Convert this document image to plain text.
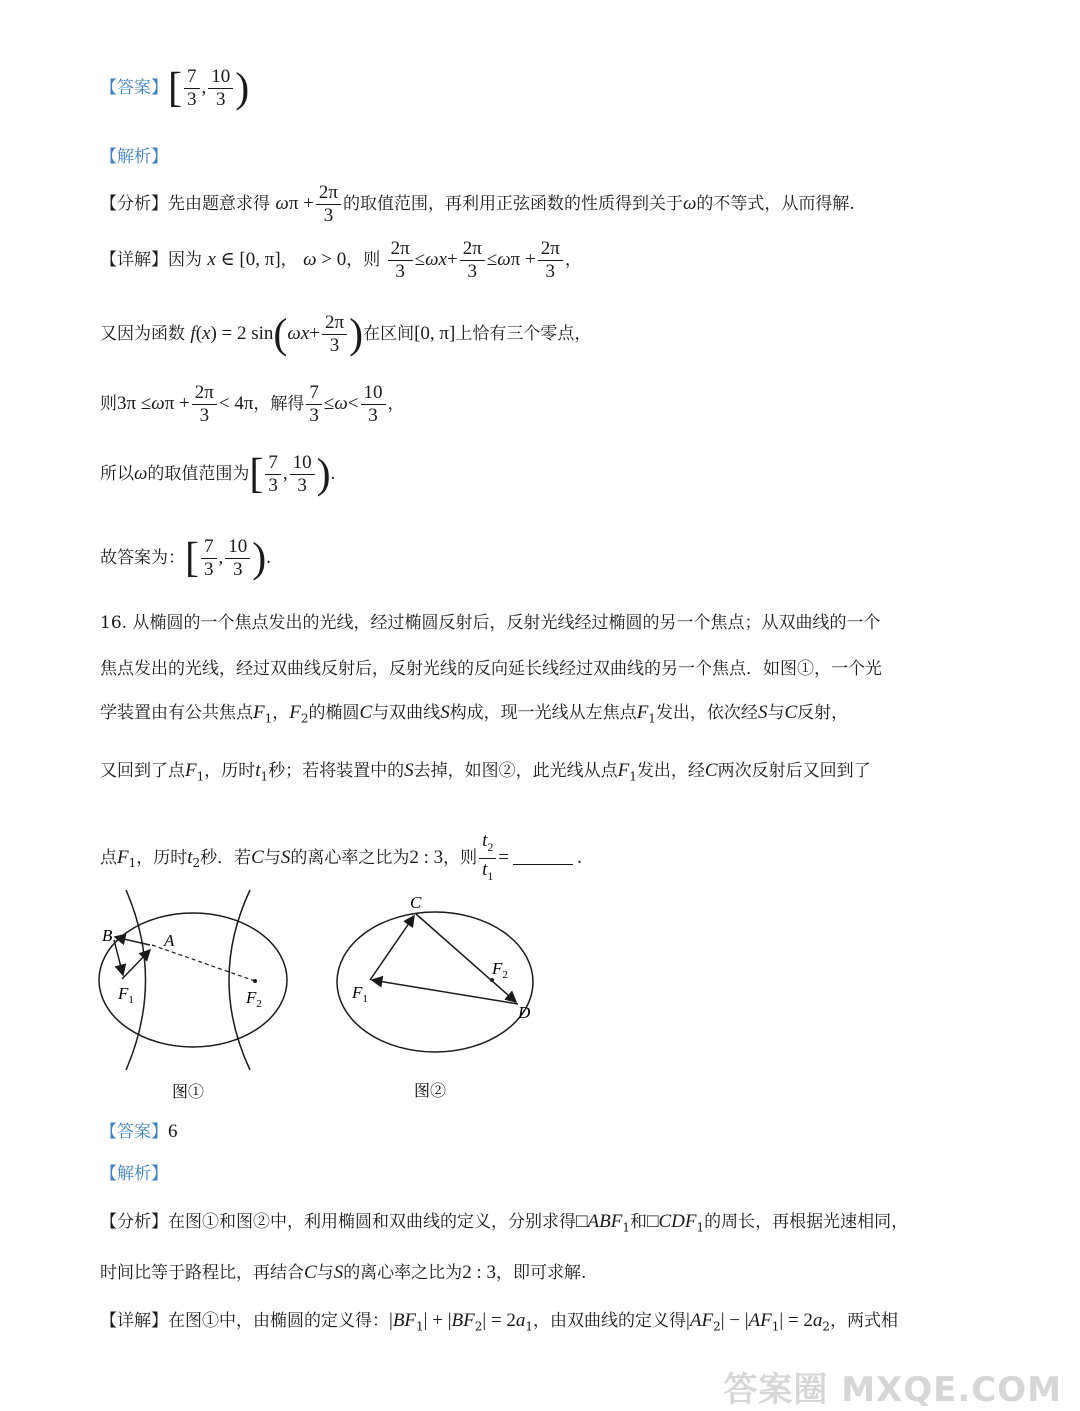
【答案】[ $\frac{7}{3}$ , $\frac{10}{3}$ )
【解析】
【分析】先由题意求得 $\omega\pi + \frac{2\pi}{3}$ 的取值范围，再利用正弦函数的性质得到关于ω的不等式，从而得解.
【详解】因为 x ∈ [0, π]， ω > 0，则 $\frac{2\pi}{3} \le\omega x+ \frac{2\pi}{3} \le\omega\pi + \frac{2\pi}{3}$ ，
又因为函数 f(x) = 2 $\sin(\omega x+ \frac{2\pi}{3}$ )在区间[0, π]上恰有三个零点，
则$3\pi \le\omega\pi + \frac{2\pi}{3} < 4\pi$，解得 $\frac{7}{3} \le\omega< \frac{10}{3}$ ，
所以ω的取值范围为[ $\frac{7}{3}$ , $\frac{10}{3}$ ).
故答案为：[ $\frac{7}{3}$ , $\frac{10}{3}$ ).
16. 从椭圆的一个焦点发出的光线，经过椭圆反射后，反射光线经过椭圆的另一个焦点；从双曲线的一个
焦点发出的光线，经过双曲线反射后，反射光线的反向延长线经过双曲线的另一个焦点．如图①，一个光
学装置由有公共焦点$F_1$，$F_2$的椭圆C与双曲线S构成，现一光线从左焦点$F_1$发出，依次经S与C反射，
又回到了点$F_1$，历时$t_1$秒；若将装置中的S去掉，如图②，此光线从点$F_1$发出，经C两次反射后又回到了
点$F_1$，历时$t_2$秒．若C与S的离心率之比为2 : 3，则 $\frac{t_2}{t_1}$ =	.
B	A
$F_1$	$F_2$
图①
C
$F_1$
$F_2$
D
图②
【答案】6
【解析】
【分析】在图①和图②中，利用椭圆和双曲线的定义，分别求得$□ABF_1$和$□CDF_1$的周长，再根据光速相同，
时间比等于路程比，再结合C与S的离心率之比为2 : 3，即可求解.
【详解】在图①中，由椭圆的定义得：$|BF_1| + |BF_2| = 2a_1$，由双曲线的定义得$|AF_2| - |AF_1| = 2a_2$，两式相
答案圈 MXQE.COM
